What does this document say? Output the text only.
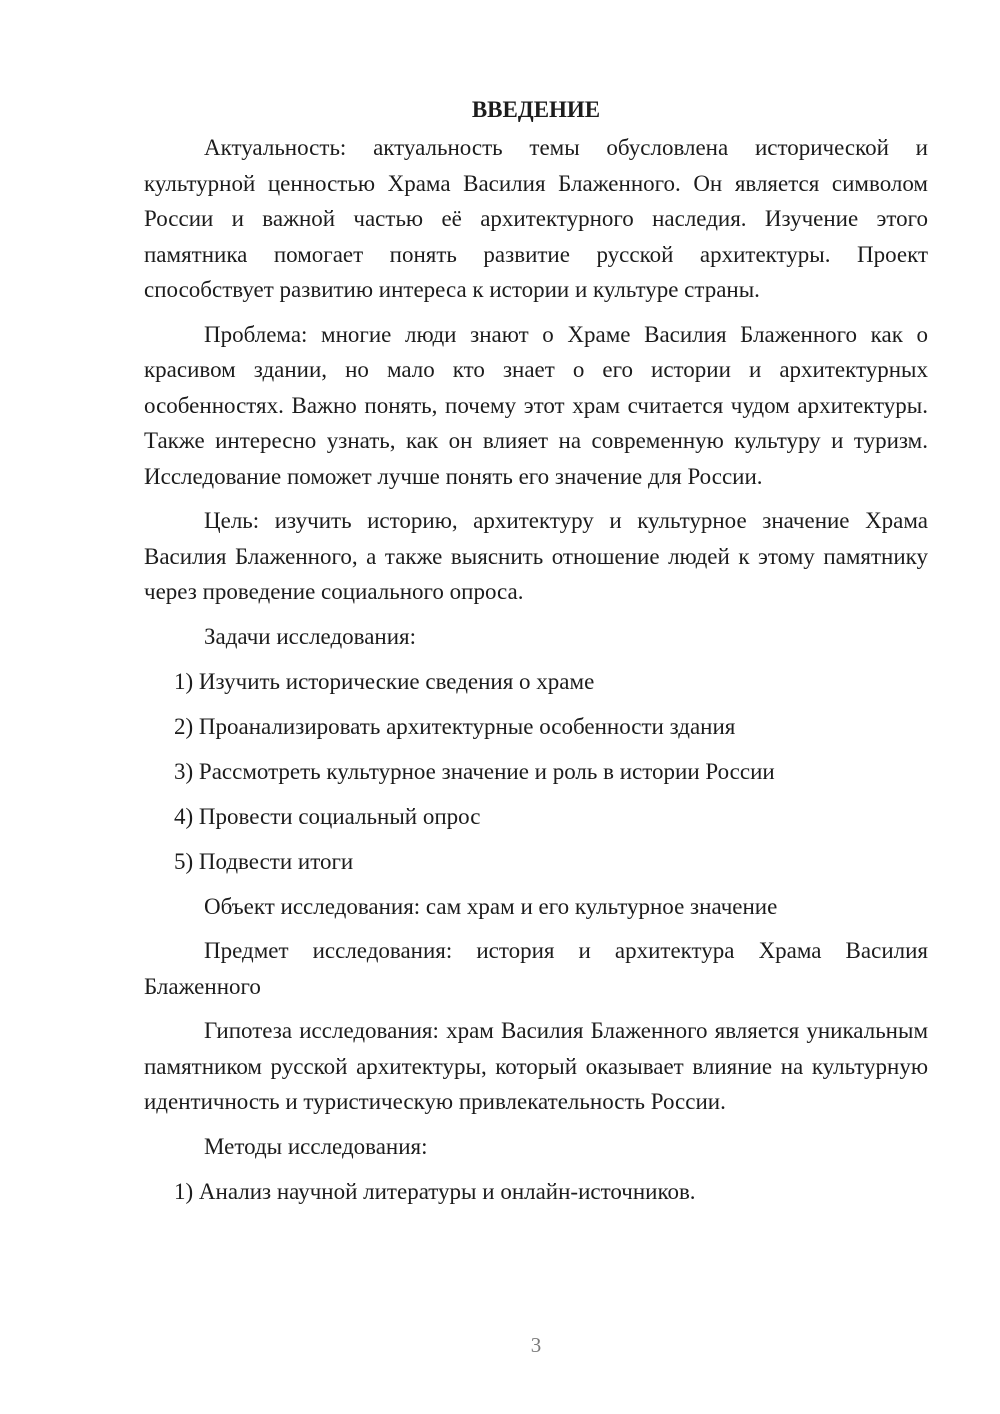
ВВЕДЕНИЕ

Актуальность: актуальность темы обусловлена исторической и культурной ценностью Храма Василия Блаженного. Он является символом России и важной частью её архитектурного наследия. Изучение этого памятника помогает понять развитие русской архитектуры. Проект способствует развитию интереса к истории и культуре страны.

Проблема: многие люди знают о Храме Василия Блаженного как о красивом здании, но мало кто знает о его истории и архитектурных особенностях. Важно понять, почему этот храм считается чудом архитектуры. Также интересно узнать, как он влияет на современную культуру и туризм. Исследование поможет лучше понять его значение для России.

Цель: изучить историю, архитектуру и культурное значение Храма Василия Блаженного, а также выяснить отношение людей к этому памятнику через проведение социального опроса.

Задачи исследования:

1) Изучить исторические сведения о храме

2) Проанализировать архитектурные особенности здания

3) Рассмотреть культурное значение и роль в истории России

4) Провести социальный опрос

5) Подвести итоги

Объект исследования: сам храм и его культурное значение

Предмет исследования: история и архитектура Храма Василия Блаженного

Гипотеза исследования: храм Василия Блаженного является уникальным памятником русской архитектуры, который оказывает влияние на культурную идентичность и туристическую привлекательность России.

Методы исследования:

1) Анализ научной литературы и онлайн-источников.

3
